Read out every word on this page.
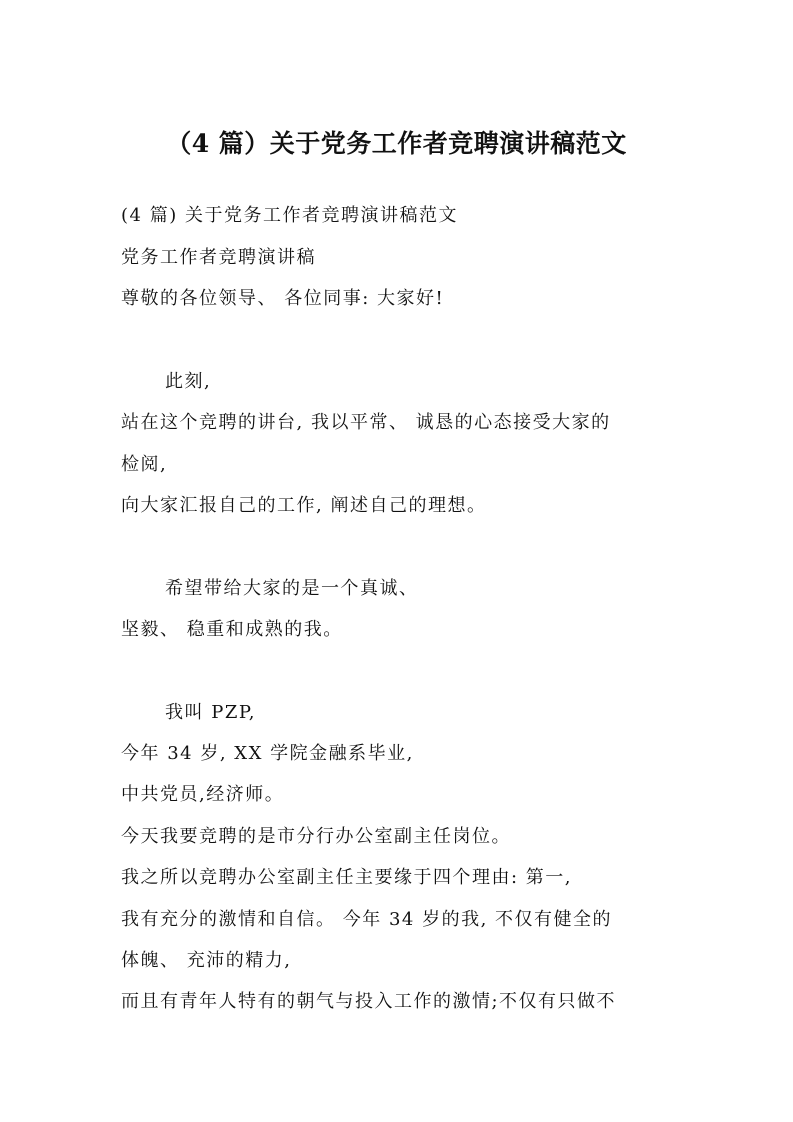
（4 篇）关于党务工作者竞聘演讲稿范文
(4 篇) 关于党务工作者竞聘演讲稿范文
党务工作者竞聘演讲稿
尊敬的各位领导、 各位同事: 大家好!
此刻,
站在这个竞聘的讲台, 我以平常、 诚恳的心态接受大家的
检阅,
向大家汇报自己的工作, 阐述自己的理想。
希望带给大家的是一个真诚、
坚毅、 稳重和成熟的我。
我叫 PZP,
今年 34 岁, XX 学院金融系毕业,
中共党员,经济师。
今天我要竞聘的是市分行办公室副主任岗位。
我之所以竞聘办公室副主任主要缘于四个理由: 第一,
我有充分的激情和自信。 今年 34 岁的我, 不仅有健全的
体魄、 充沛的精力,
而且有青年人特有的朝气与投入工作的激情;不仅有只做不
